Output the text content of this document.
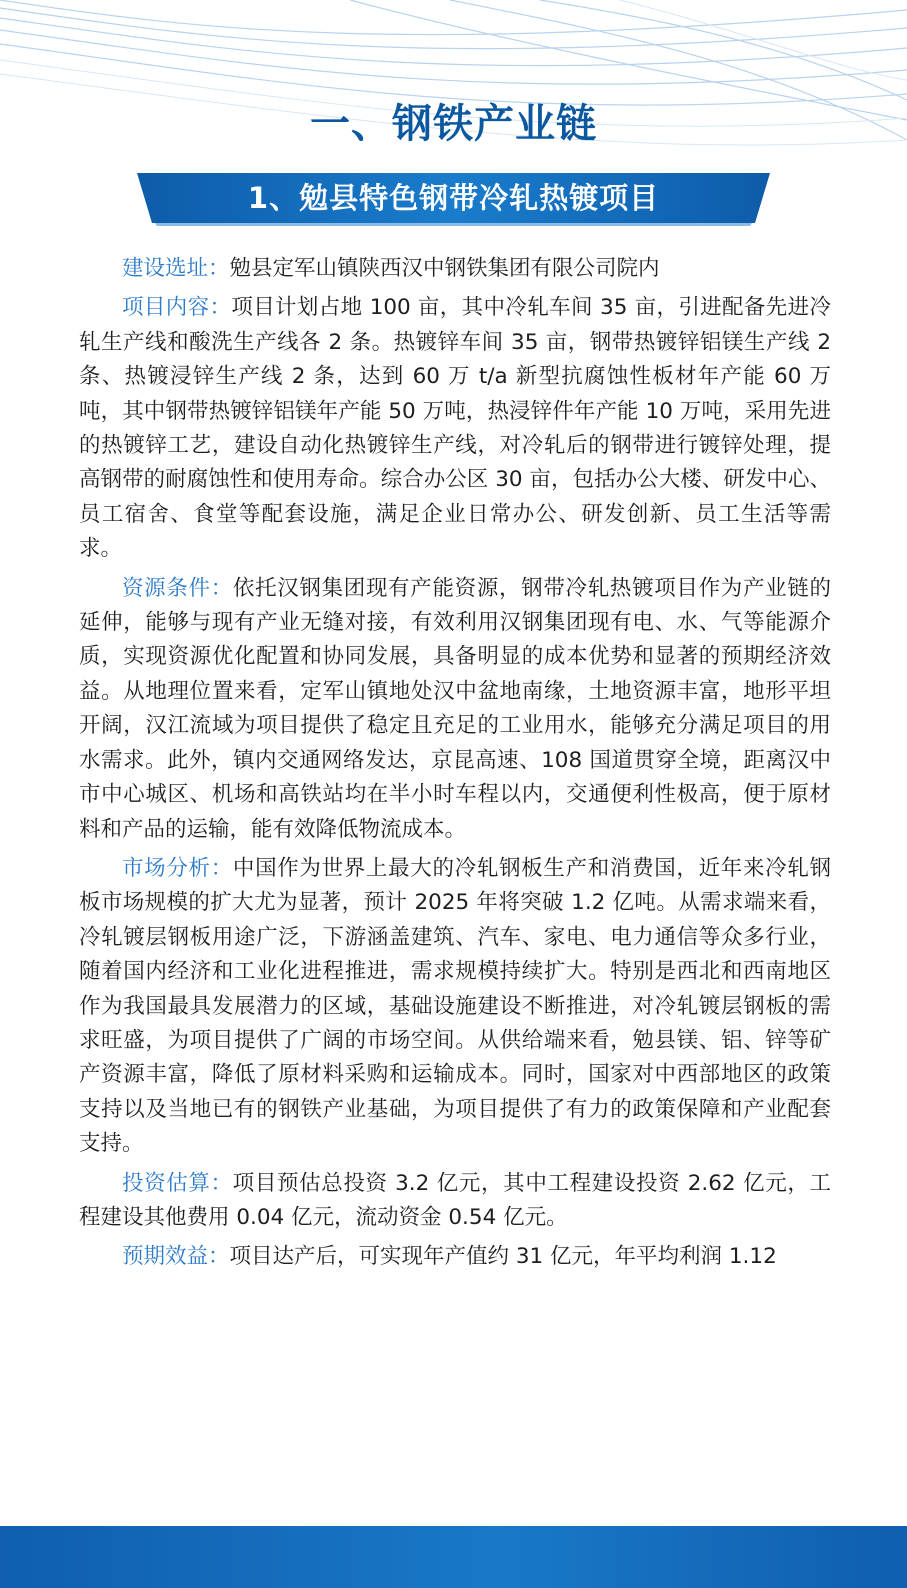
一、钢铁产业链
1、勉县特色钢带冷轧热镀项目

建设选址：勉县定军山镇陕西汉中钢铁集团有限公司院内

项目内容：项目计划占地 100 亩，其中冷轧车间 35 亩，引进配备先进冷轧生产线和酸洗生产线各 2 条。热镀锌车间 35 亩，钢带热镀锌铝镁生产线 2 条、热镀浸锌生产线 2 条，达到 60 万 t/a 新型抗腐蚀性板材年产能 60 万吨，其中钢带热镀锌铝镁年产能 50 万吨，热浸锌件年产能 10 万吨，采用先进的热镀锌工艺，建设自动化热镀锌生产线，对冷轧后的钢带进行镀锌处理，提高钢带的耐腐蚀性和使用寿命。综合办公区 30 亩，包括办公大楼、研发中心、员工宿舍、食堂等配套设施，满足企业日常办公、研发创新、员工生活等需求。

资源条件：依托汉钢集团现有产能资源，钢带冷轧热镀项目作为产业链的延伸，能够与现有产业无缝对接，有效利用汉钢集团现有电、水、气等能源介质，实现资源优化配置和协同发展，具备明显的成本优势和显著的预期经济效益。从地理位置来看，定军山镇地处汉中盆地南缘，土地资源丰富，地形平坦开阔，汉江流域为项目提供了稳定且充足的工业用水，能够充分满足项目的用水需求。此外，镇内交通网络发达，京昆高速、108 国道贯穿全境，距离汉中市中心城区、机场和高铁站均在半小时车程以内，交通便利性极高，便于原材料和产品的运输，能有效降低物流成本。

市场分析：中国作为世界上最大的冷轧钢板生产和消费国，近年来冷轧钢板市场规模的扩大尤为显著，预计 2025 年将突破 1.2 亿吨。从需求端来看，冷轧镀层钢板用途广泛，下游涵盖建筑、汽车、家电、电力通信等众多行业，随着国内经济和工业化进程推进，需求规模持续扩大。特别是西北和西南地区作为我国最具发展潜力的区域，基础设施建设不断推进，对冷轧镀层钢板的需求旺盛，为项目提供了广阔的市场空间。从供给端来看，勉县镁、铝、锌等矿产资源丰富，降低了原材料采购和运输成本。同时，国家对中西部地区的政策支持以及当地已有的钢铁产业基础，为项目提供了有力的政策保障和产业配套支持。

投资估算：项目预估总投资 3.2 亿元，其中工程建设投资 2.62 亿元，工程建设其他费用 0.04 亿元，流动资金 0.54 亿元。

预期效益：项目达产后，可实现年产值约 31 亿元，年平均利润 1.12
